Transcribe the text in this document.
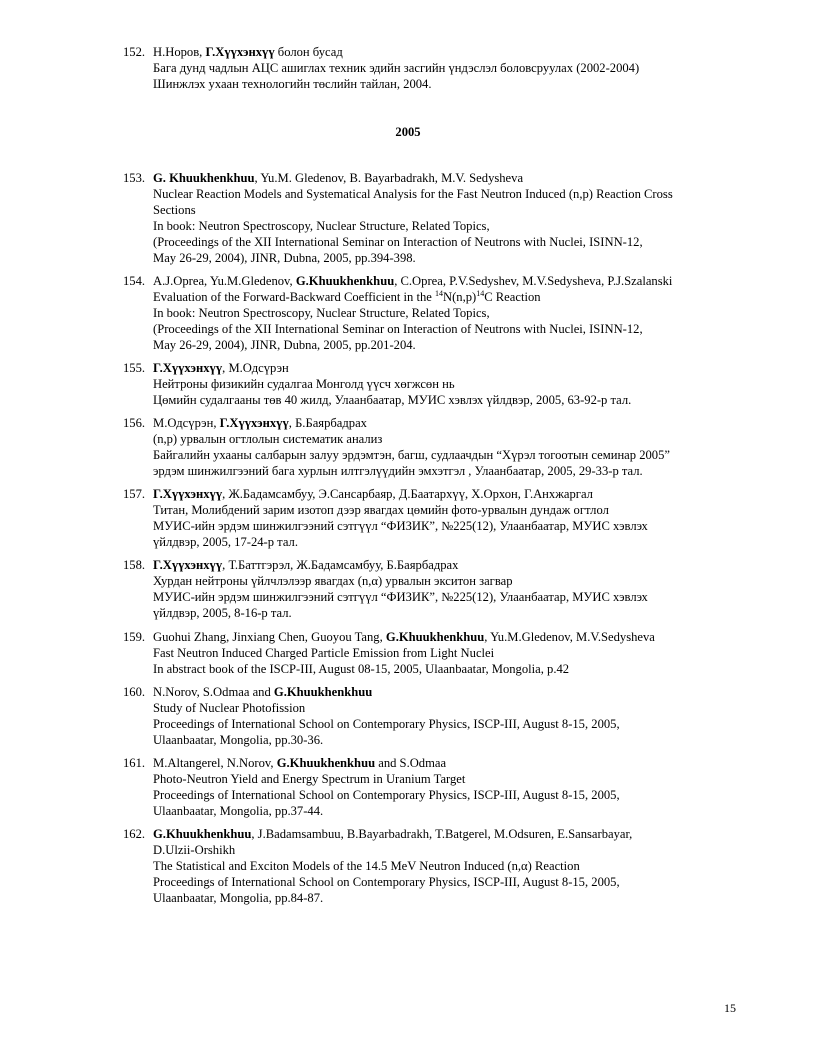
152. Н.Норов, Г.Хүүхэнхүү болон бусад
Бага дунд чадлын АЦС ашиглах техник эдийн засгийн үндэслэл боловсруулах (2002-2004)
Шинжлэх ухаан технологийн төслийн тайлан, 2004.
2005
153. G. Khuukhenkhuu, Yu.M. Gledenov, B. Bayarbadrakh, M.V. Sedysheva
Nuclear Reaction Models and Systematical Analysis for the Fast Neutron Induced (n,p) Reaction Cross
Sections
In book: Neutron Spectroscopy, Nuclear Structure, Related Topics,
(Proceedings of the XII International Seminar on Interaction of Neutrons with Nuclei, ISINN-12,
May 26-29, 2004), JINR, Dubna, 2005, pp.394-398.
154. A.J.Oprea, Yu.M.Gledenov, G.Khuukhenkhuu, C.Oprea, P.V.Sedyshev, M.V.Sedysheva, P.J.Szalanski
Evaluation of the Forward-Backward Coefficient in the $^{14}N(n,p)^{14}C$ Reaction
In book: Neutron Spectroscopy, Nuclear Structure, Related Topics,
(Proceedings of the XII International Seminar on Interaction of Neutrons with Nuclei, ISINN-12,
May 26-29, 2004), JINR, Dubna, 2005, pp.201-204.
155. Г.Хүүхэнхүү, М.Одсүрэн
Нейтроны физикийн судалгаа Монголд үүсч хөгжсөн нь
Цөмийн судалгааны төв 40 жилд, Улаанбаатар, МУИС хэвлэх үйлдвэр, 2005, 63-92-р тал.
156. М.Одсүрэн, Г.Хүүхэнхүү, Б.Баярбадрах
(n,p) урвалын огтлолын систематик анализ
Байгалийн ухааны салбарын залуу эрдэмтэн, багш, судлаачдын “Хүрэл тогоотын семинар 2005”
эрдэм шинжилгээний бага хурлын илтгэлүүдийн эмхэтгэл , Улаанбаатар, 2005, 29-33-р тал.
157. Г.Хүүхэнхүү, Ж.Бадамсамбуу, Э.Сансарбаяр, Д.Баатархүү, Х.Орхон, Г.Анхжаргал
Титан, Молибдений зарим изотоп дээр явагдах цөмийн фото-урвалын дундаж огтлол
МУИС-ийн эрдэм шинжилгээний сэтгүүл “ФИЗИК”, №225(12), Улаанбаатар, МУИС хэвлэх
үйлдвэр, 2005, 17-24-р тал.
158. Г.Хүүхэнхүү, Т.Баттгэрэл, Ж.Бадамсамбуу, Б.Баярбадрах
Хурдан нейтроны үйлчлэлээр явагдах (n,α) урвалын экситон загвар
МУИС-ийн эрдэм шинжилгээний сэтгүүл “ФИЗИК”, №225(12), Улаанбаатар, МУИС хэвлэх
үйлдвэр, 2005, 8-16-р тал.
159. Guohui Zhang, Jinxiang Chen, Guoyou Tang, G.Khuukhenkhuu, Yu.M.Gledenov, M.V.Sedysheva
Fast Neutron Induced Charged Particle Emission from Light Nuclei
In abstract book of the ISCP-III, August 08-15, 2005, Ulaanbaatar, Mongolia, p.42
160. N.Norov, S.Odmaa and G.Khuukhenkhuu
Study of Nuclear Photofission
Proceedings of International School on Contemporary Physics, ISCP-III, August 8-15, 2005,
Ulaanbaatar, Mongolia, pp.30-36.
161. M.Altangerel, N.Norov, G.Khuukhenkhuu and S.Odmaa
Photo-Neutron Yield and Energy Spectrum in Uranium Target
Proceedings of International School on Contemporary Physics, ISCP-III, August 8-15, 2005,
Ulaanbaatar, Mongolia, pp.37-44.
162. G.Khuukhenkhuu, J.Badamsambuu, B.Bayarbadrakh, T.Batgerel, M.Odsuren, E.Sansarbayar,
D.Ulzii-Orshikh
The Statistical and Exciton Models of the 14.5 MeV Neutron Induced (n,α) Reaction
Proceedings of International School on Contemporary Physics, ISCP-III, August 8-15, 2005,
Ulaanbaatar, Mongolia, pp.84-87.
15
